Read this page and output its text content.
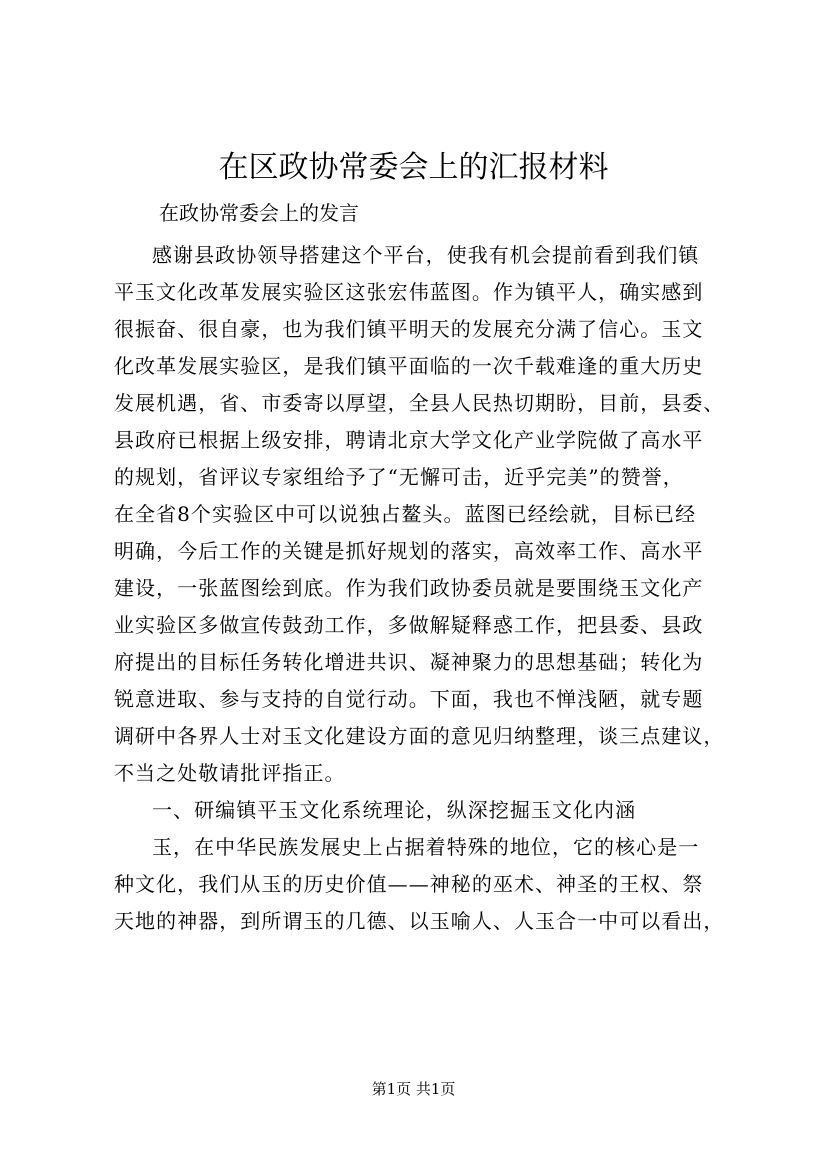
在区政协常委会上的汇报材料

在政协常委会上的发言

感谢县政协领导搭建这个平台，使我有机会提前看到我们镇
平玉文化改革发展实验区这张宏伟蓝图。作为镇平人，确实感到
很振奋、很自豪，也为我们镇平明天的发展充分满了信心。玉文
化改革发展实验区，是我们镇平面临的一次千载难逢的重大历史
发展机遇，省、市委寄以厚望，全县人民热切期盼，目前，县委、
县政府已根据上级安排，聘请北京大学文化产业学院做了高水平
的规划，省评议专家组给予了“无懈可击，近乎完美”的赞誉，
在全省8个实验区中可以说独占鳌头。蓝图已经绘就，目标已经
明确，今后工作的关键是抓好规划的落实，高效率工作、高水平
建设，一张蓝图绘到底。作为我们政协委员就是要围绕玉文化产
业实验区多做宣传鼓劲工作，多做解疑释惑工作，把县委、县政
府提出的目标任务转化增进共识、凝神聚力的思想基础；转化为
锐意进取、参与支持的自觉行动。下面，我也不惮浅陋，就专题
调研中各界人士对玉文化建设方面的意见归纳整理，谈三点建议，
不当之处敬请批评指正。
一、研编镇平玉文化系统理论，纵深挖掘玉文化内涵
玉，在中华民族发展史上占据着特殊的地位，它的核心是一
种文化，我们从玉的历史价值——神秘的巫术、神圣的王权、祭
天地的神器，到所谓玉的几德、以玉喻人、人玉合一中可以看出，
第1页 共1页
